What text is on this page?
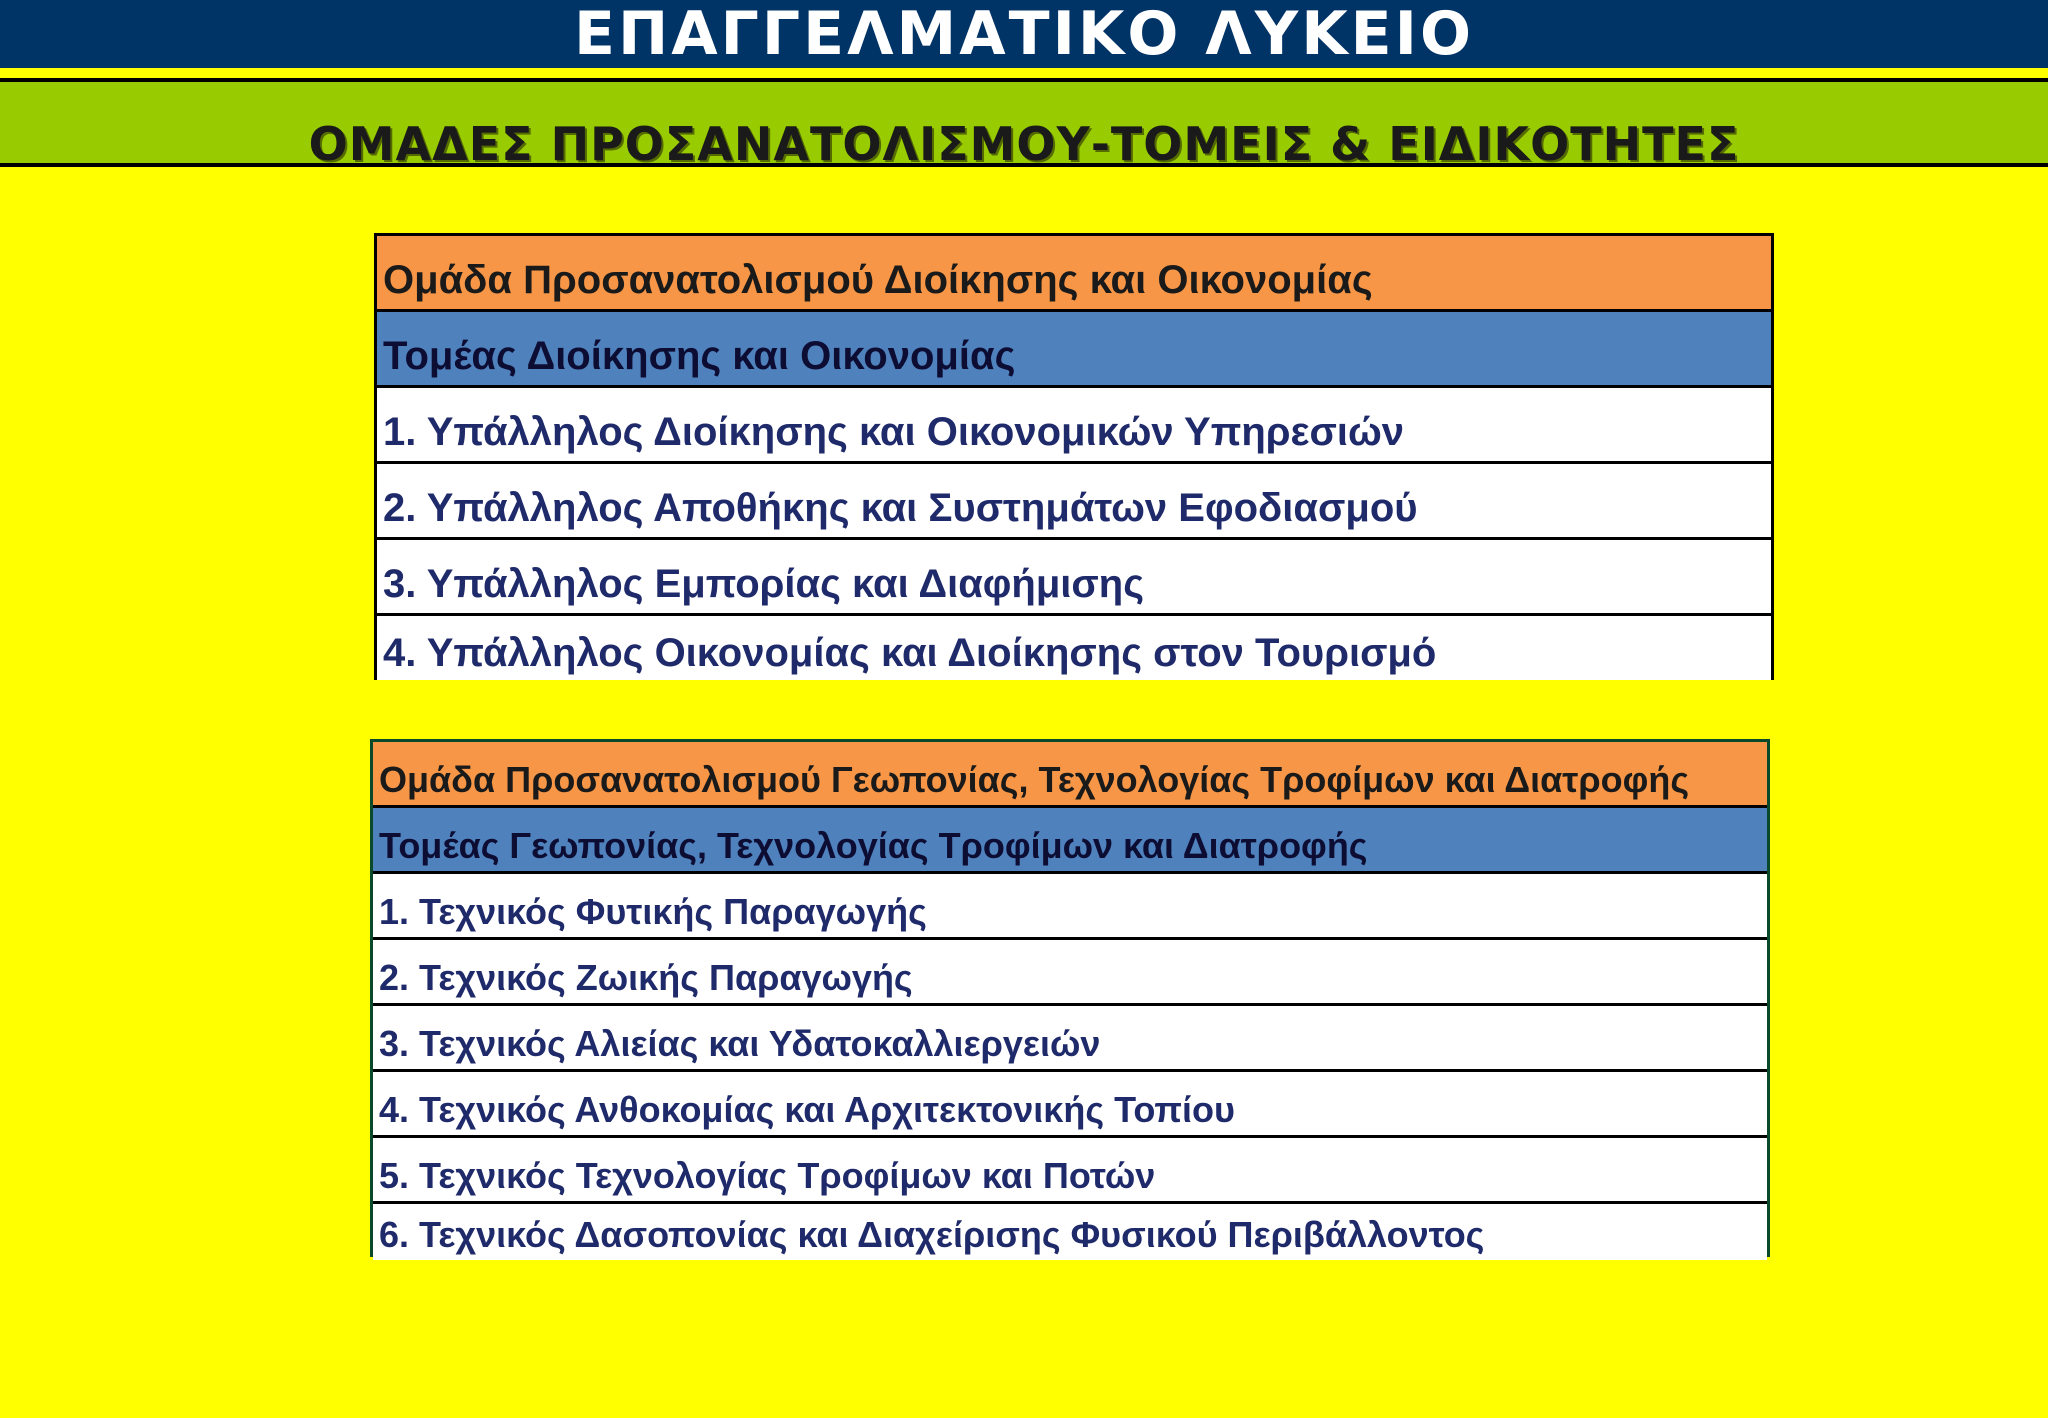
ΕΠΑΓΓΕΛΜΑΤΙΚΟ ΛΥΚΕΙΟ
ΟΜΑΔΕΣ ΠΡΟΣΑΝΑΤΟΛΙΣΜΟΥ-ΤΟΜΕΙΣ & ΕΙΔΙΚΟΤΗΤΕΣ
Ομάδα Προσανατολισμού Διοίκησης και Οικονομίας
Τομέας Διοίκησης και Οικονομίας
1. Υπάλληλος Διοίκησης και Οικονομικών Υπηρεσιών
2. Υπάλληλος Αποθήκης και Συστημάτων Εφοδιασμού
3. Υπάλληλος Εμπορίας και Διαφήμισης
4. Υπάλληλος Οικονομίας και Διοίκησης στον Τουρισμό
Ομάδα Προσανατολισμού Γεωπονίας, Τεχνολογίας Τροφίμων και Διατροφής
Τομέας Γεωπονίας, Τεχνολογίας Τροφίμων και Διατροφής
1. Τεχνικός Φυτικής Παραγωγής
2. Τεχνικός Ζωικής Παραγωγής
3. Τεχνικός Αλιείας και Υδατοκαλλιεργειών
4. Τεχνικός Ανθοκομίας και Αρχιτεκτονικής Τοπίου
5. Τεχνικός Τεχνολογίας Τροφίμων και Ποτών
6. Τεχνικός Δασοπονίας και Διαχείρισης Φυσικού Περιβάλλοντος
